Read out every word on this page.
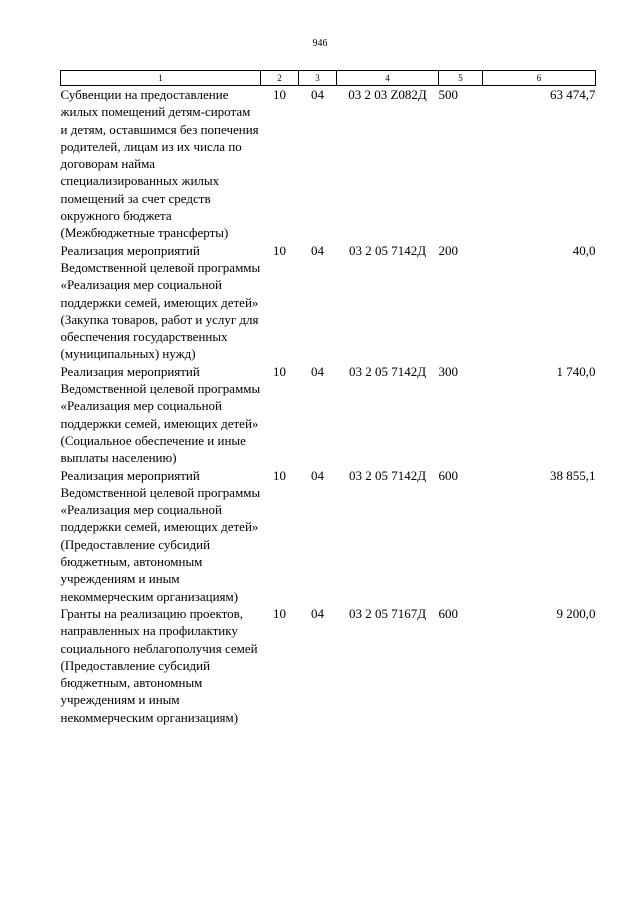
946
1	2	3	4	5	6
Субвенции на предоставление жилых помещений детям-сиротам и детям, оставшимся без попечения родителей, лицам из их числа по договорам найма специализированных жилых помещений за счет средств окружного бюджета (Межбюджетные трансферты)	10	04	03 2 03 Z082Д	500	63 474,7
Реализация мероприятий Ведомственной целевой программы «Реализация мер социальной поддержки семей, имеющих детей» (Закупка товаров, работ и услуг для обеспечения государственных (муниципальных) нужд)	10	04	03 2 05 7142Д	200	40,0
Реализация мероприятий Ведомственной целевой программы «Реализация мер социальной поддержки семей, имеющих детей» (Социальное обеспечение и иные выплаты населению)	10	04	03 2 05 7142Д	300	1 740,0
Реализация мероприятий Ведомственной целевой программы «Реализация мер социальной поддержки семей, имеющих детей» (Предоставление субсидий бюджетным, автономным учреждениям и иным некоммерческим организациям)	10	04	03 2 05 7142Д	600	38 855,1
Гранты на реализацию проектов, направленных на профилактику социального неблагополучия семей (Предоставление субсидий бюджетным, автономным учреждениям и иным некоммерческим организациям)	10	04	03 2 05 7167Д	600	9 200,0
